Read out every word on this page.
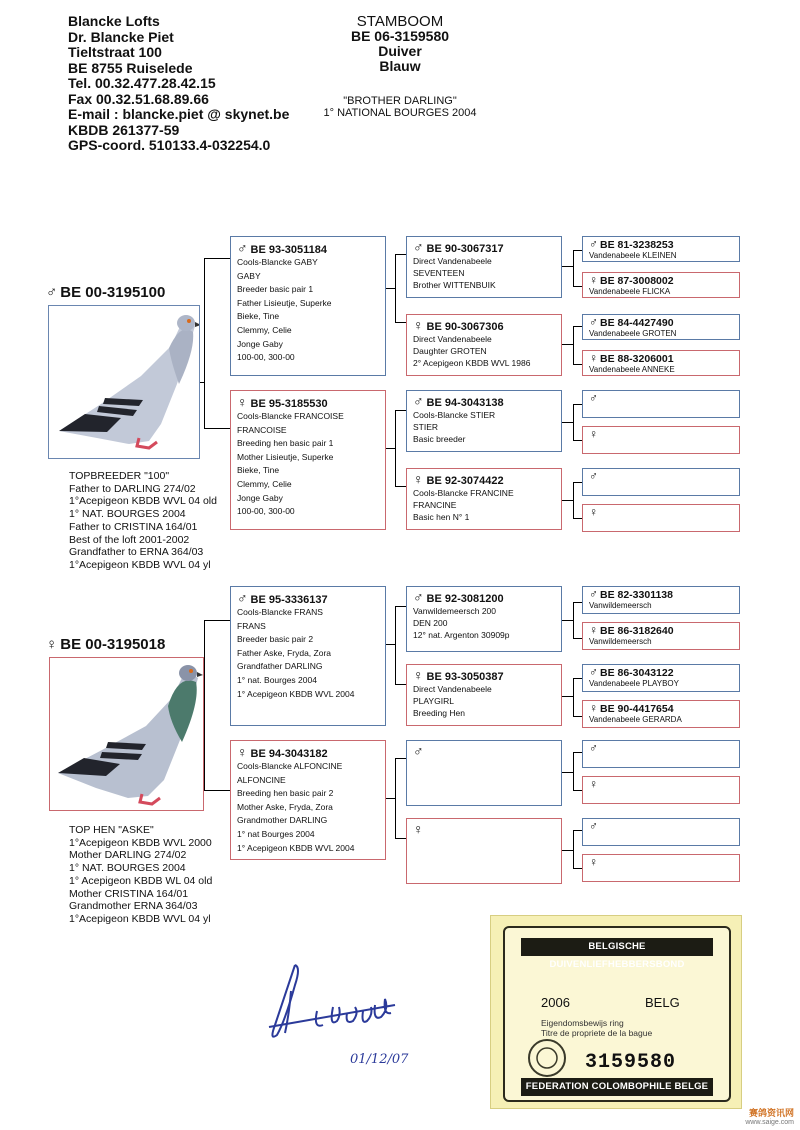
Blancke Lofts
Dr. Blancke Piet
Tieltstraat 100
BE 8755 Ruiselede
Tel. 00.32.477.28.42.15
Fax 00.32.51.68.89.66
E-mail : blancke.piet @ skynet.be
KBDB 261377-59
GPS-coord. 510133.4-032254.0
STAMBOOM
BE 06-3159580
Duiver
Blauw
"BROTHER DARLING"
1° NATIONAL BOURGES 2004
♂ BE 00-3195100
TOPBREEDER "100"
Father to DARLING 274/02
1°Acepigeon KBDB WVL 04 old
1° NAT. BOURGES 2004
Father to CRISTINA 164/01
Best of the loft 2001-2002
Grandfather to ERNA 364/03
1°Acepigeon KBDB WVL 04 yl
♀ BE 00-3195018
TOP HEN "ASKE"
1°Acepigeon KBDB WVL 2000
Mother DARLING 274/02
1° NAT. BOURGES 2004
1° Acepigeon KBDB WL 04 old
Mother CRISTINA 164/01
Grandmother ERNA 364/03
1°Acepigeon KBDB WVL 04 yl
♂ BE 93-3051184
Cools-Blancke GABY
GABY
Breeder basic pair 1
Father Lisieutje, Superke
Bieke, Tine
Clemmy, Celie
Jonge Gaby
100-00, 300-00
♀ BE 95-3185530
Cools-Blancke FRANCOISE
FRANCOISE
Breeding hen basic pair 1
Mother Lisieutje, Superke
Bieke, Tine
Clemmy, Celie
Jonge Gaby
100-00, 300-00
♂ BE 95-3336137
Cools-Blancke FRANS
FRANS
Breeder basic pair 2
Father Aske, Fryda, Zora
Grandfather DARLING
1° nat. Bourges 2004
1° Acepigeon KBDB WVL 2004
♀ BE 94-3043182
Cools-Blancke ALFONCINE
ALFONCINE
Breeding hen basic pair 2
Mother Aske, Fryda, Zora
Grandmother DARLING
1° nat Bourges 2004
1° Acepigeon KBDB WVL 2004
♂ BE 90-3067317
Direct Vandenabeele
SEVENTEEN
Brother WITTENBUIK
♀ BE 90-3067306
Direct Vandenabeele
Daughter GROTEN
2° Acepigeon KBDB WVL 1986
♂ BE 94-3043138
Cools-Blancke STIER
STIER
Basic breeder
♀ BE 92-3074422
Cools-Blancke FRANCINE
FRANCINE
Basic hen N° 1
♂ BE 92-3081200
Vanwildemeersch 200
DEN 200
12° nat. Argenton 30909p
♀ BE 93-3050387
Direct Vandenabeele
PLAYGIRL
Breeding Hen
♂
♀
♂ BE 81-3238253
Vandenabeele KLEINEN
♀ BE 87-3008002
Vandenabeele FLICKA
♂ BE 84-4427490
Vandenabeele GROTEN
♀ BE 88-3206001
Vandenabeele ANNEKE
♂
♀
♂
♀
♂ BE 82-3301138
Vanwildemeersch
♀ BE 86-3182640
Vanwildemeersch
♂ BE 86-3043122
Vandenabeele PLAYBOY
♀ BE 90-4417654
Vandenabeele GERARDA
♂
♀
♂
♀
01/12/07
BELGISCHE DUIVENLIEFHEBBERSBOND
2006	BELG
Eigendomsbewijs ring
Titre de propriete de la bague
3159580
FEDERATION COLOMBOPHILE BELGE
赛鸽资讯网
www.saige.com
